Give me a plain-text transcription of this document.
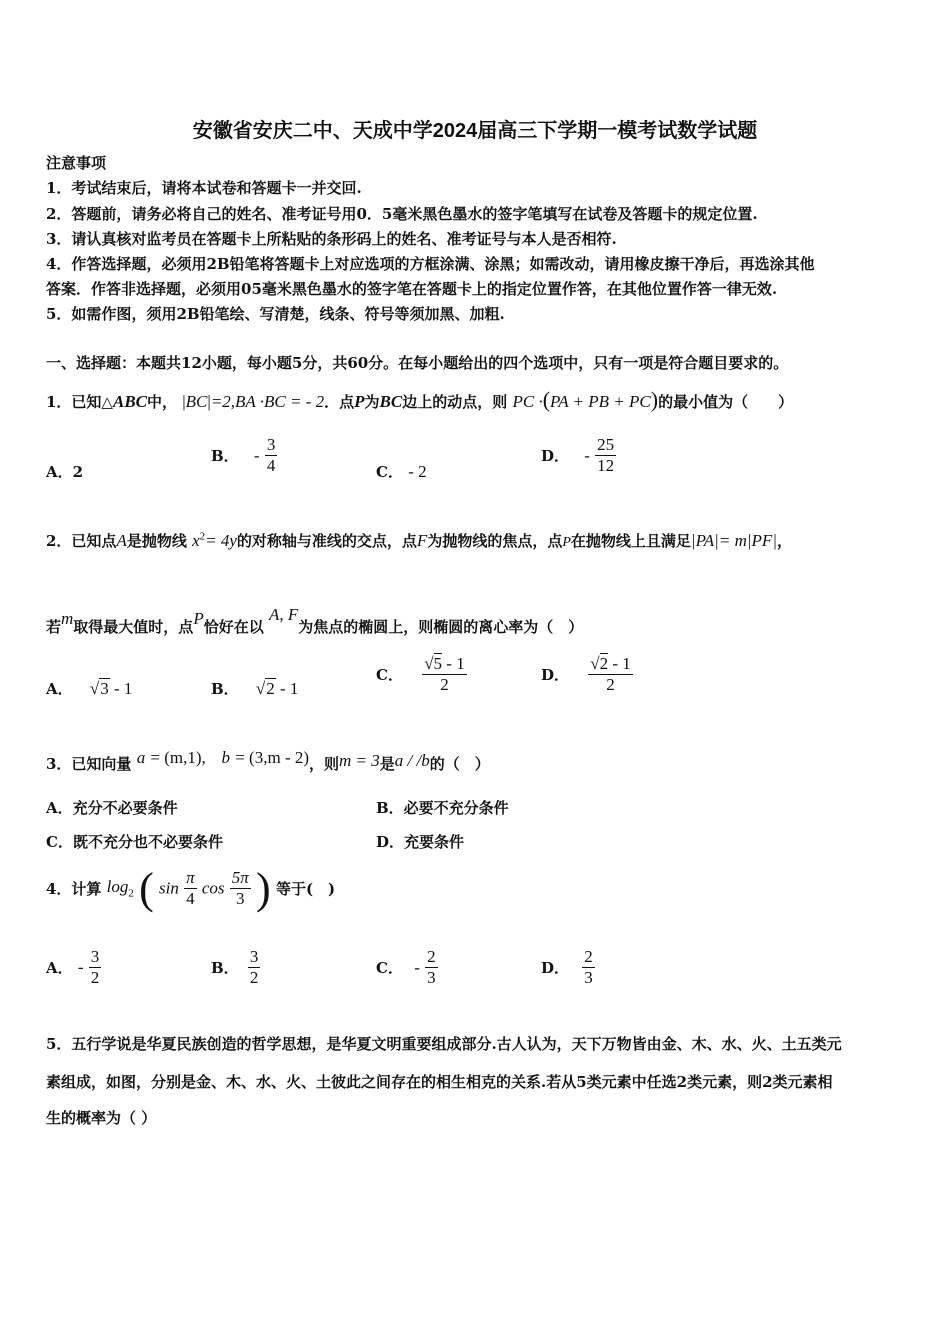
安徽省安庆二中、天成中学2024届高三下学期一模考试数学试题
注意事项
1．考试结束后，请将本试卷和答题卡一并交回.
2．答题前，请务必将自己的姓名、准考证号用0．5毫米黑色墨水的签字笔填写在试卷及答题卡的规定位置.
3．请认真核对监考员在答题卡上所粘贴的条形码上的姓名、准考证号与本人是否相符.
4．作答选择题，必须用2B铅笔将答题卡上对应选项的方框涂满、涂黑；如需改动，请用橡皮擦干净后，再选涂其他
答案．作答非选择题，必须用05毫米黑色墨水的签字笔在答题卡上的指定位置作答，在其他位置作答一律无效.
5．如需作图，须用2B铅笔绘、写清楚，线条、符号等须加黑、加粗.
一、选择题：本题共12小题，每小题5分，共60分。在每小题给出的四个选项中，只有一项是符合题目要求的。
1．已知△ABC中， |BC|=2,BA ·BC = - 2．点P为BC边上的动点，则 PC ·(PA + PB + PC)的最小值为（　　）
A．2
B． - $\frac{3}{4}$	C． - 2
D． - $\frac{25}{12}$
2．已知点A是抛物线 $x^2= 4y$的对称轴与准线的交点，点F为抛物线的焦点，点P在抛物线上且满足|PA|= m|PF|，
若m取得最大值时，点P恰好在以 A, F为焦点的椭圆上，则椭圆的离心率为（　）
A． √3 - 1	B． √2 - 1
C． $\frac{√5 - 1}{2}$	D． $\frac{√2 - 1}{2}$
3．已知向量 a = (m,1), b = (3,m - 2)，则m = 3是a / /b的（　）
A．充分不必要条件	B．必要不充分条件
C．既不充分也不必要条件	D．充要条件
4．计算 $\log_2$ ( $\sin \frac{\pi}{4}$ $\cos \frac{5\pi}{3}$ ) 等于(　)
A． - $\frac{3}{2}$	B． $\frac{3}{2}$	C． - $\frac{2}{3}$	D． $\frac{2}{3}$
5．五行学说是华夏民族创造的哲学思想，是华夏文明重要组成部分.古人认为，天下万物皆由金、木、水、火、土五类元
素组成，如图，分别是金、木、水、火、土彼此之间存在的相生相克的关系.若从5类元素中任选2类元素，则2类元素相
生的概率为（ ）
